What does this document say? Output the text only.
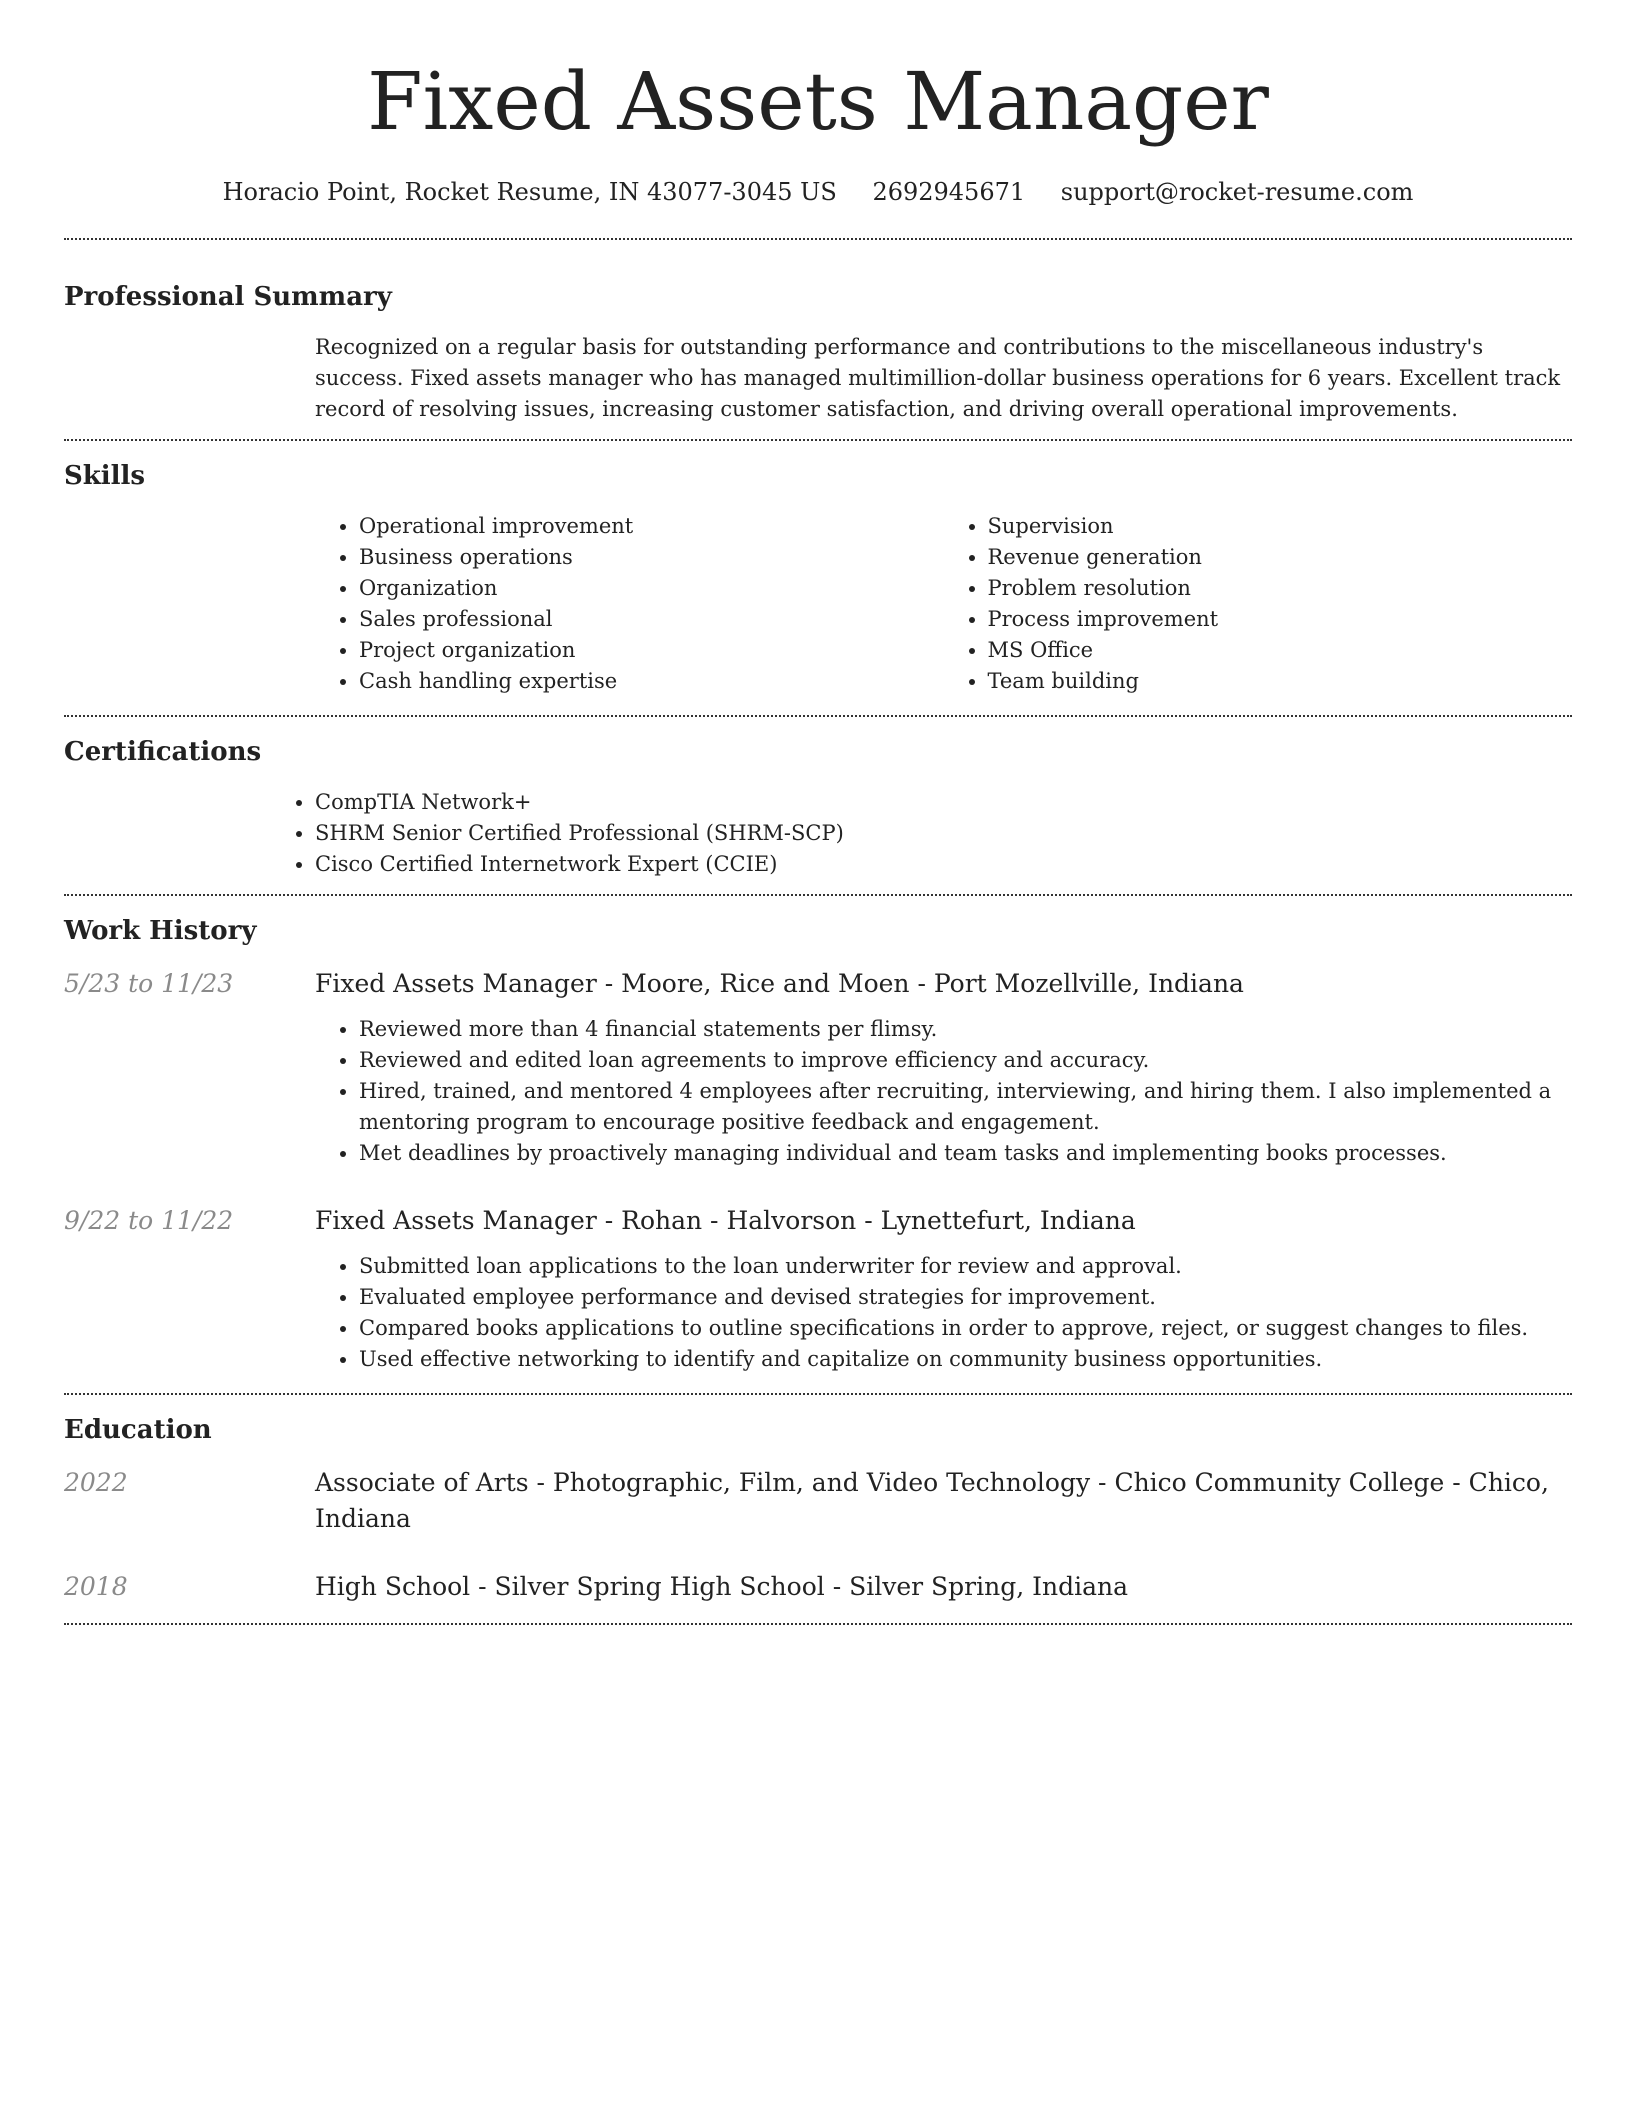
Fixed Assets Manager
Horacio Point, Rocket Resume, IN 43077-3045 US 2692945671 support@rocket-resume.com
Professional Summary

Recognized on a regular basis for outstanding performance and contributions to the miscellaneous industry's success. Fixed assets manager who has managed multimillion-dollar business operations for 6 years. Excellent track record of resolving issues, increasing customer satisfaction, and driving overall operational improvements.

Skills
• Operational improvement
• Business operations
• Organization
• Sales professional
• Project organization
• Cash handling expertise
• Supervision
• Revenue generation
• Problem resolution
• Process improvement
• MS Office
• Team building
Certifications
• CompTIA Network+
• SHRM Senior Certified Professional (SHRM-SCP)
• Cisco Certified Internetwork Expert (CCIE)
Work History
5/23 to 11/23	Fixed Assets Manager - Moore, Rice and Moen - Port Mozellville, Indiana

• Reviewed more than 4 financial statements per flimsy.
• Reviewed and edited loan agreements to improve efficiency and accuracy.
• Hired, trained, and mentored 4 employees after recruiting, interviewing, and hiring them. I also implemented a mentoring program to encourage positive feedback and engagement.
• Met deadlines by proactively managing individual and team tasks and implementing books processes.
9/22 to 11/22	Fixed Assets Manager - Rohan - Halvorson - Lynettefurt, Indiana

• Submitted loan applications to the loan underwriter for review and approval.
• Evaluated employee performance and devised strategies for improvement.
• Compared books applications to outline specifications in order to approve, reject, or suggest changes to files.
• Used effective networking to identify and capitalize on community business opportunities.
Education
2022	Associate of Arts - Photographic, Film, and Video Technology - Chico Community College - Chico, Indiana

2018	High School - Silver Spring High School - Silver Spring, Indiana
